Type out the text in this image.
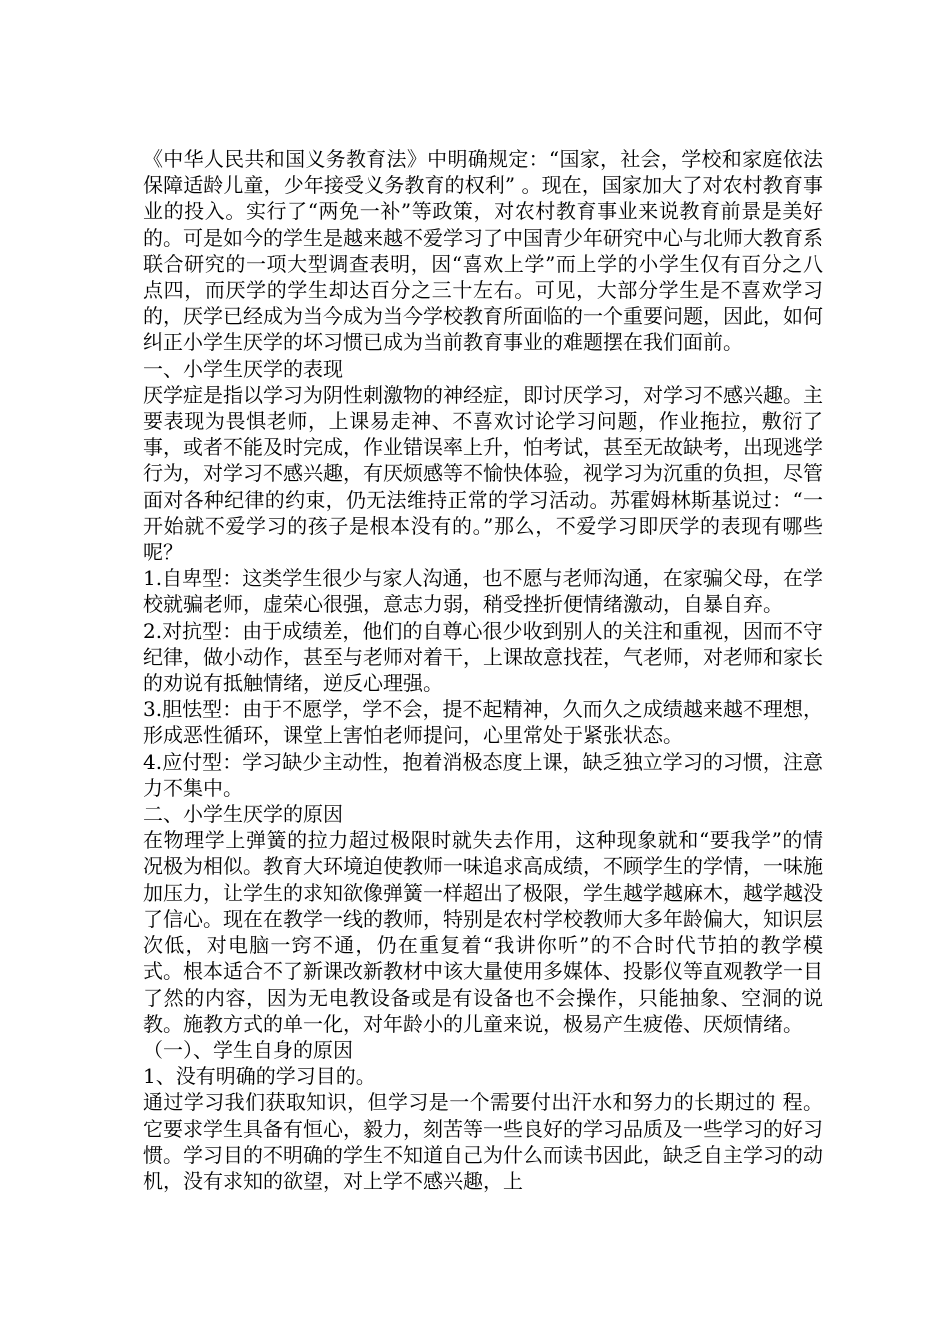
《中华人民共和国义务教育法》中明确规定：“国家，社会，学校和家庭依法保障适龄儿童，少年接受义务教育的权利” 。现在，国家加大了对农村教育事业的投入。实行了“两免一补”等政策，对农村教育事业来说教育前景是美好的。可是如今的学生是越来越不爱学习了中国青少年研究中心与北师大教育系 联合研究的一项大型调查表明，因“喜欢上学”而上学的小学生仅有百分之八点四，而厌学的学生却达百分之三十左右。可见，大部分学生是不喜欢学习的，厌学已经成为当今成为当今学校教育所面临的一个重要问题，因此，如何纠正小学生厌学的坏习惯已成为当前教育事业的难题摆在我们面前。

一、小学生厌学的表现

厌学症是指以学习为阴性刺激物的神经症，即讨厌学习，对学习不感兴趣。主要表现为畏惧老师，上课易走神、不喜欢讨论学习问题，作业拖拉，敷衍了事，或者不能及时完成，作业错误率上升，怕考试，甚至无故缺考，出现逃学行为，对学习不感兴趣，有厌烦感等不愉快体验，视学习为沉重的负担，尽管面对各种纪律的约束，仍无法维持正常的学习活动。苏霍姆林斯基说过：“一开始就不爱学习的孩子是根本没有的。”那么，不爱学习即厌学的表现有哪些呢？

1.自卑型：这类学生很少与家人沟通，也不愿与老师沟通，在家骗父母，在学校就骗老师，虚荣心很强，意志力弱，稍受挫折便情绪激动，自暴自弃。

2.对抗型：由于成绩差，他们的自尊心很少收到别人的关注和重视，因而不守纪律，做小动作，甚至与老师对着干，上课故意找茬，气老师，对老师和家长的劝说有抵触情绪，逆反心理强。

3.胆怯型：由于不愿学，学不会，提不起精神，久而久之成绩越来越不理想，形成恶性循环，课堂上害怕老师提问，心里常处于紧张状态。

4.应付型：学习缺少主动性，抱着消极态度上课，缺乏独立学习的习惯，注意力不集中。

二、小学生厌学的原因

在物理学上弹簧的拉力超过极限时就失去作用，这种现象就和“要我学”的情况极为相似。教育大环境迫使教师一味追求高成绩，不顾学生的学情，一味施加压力，让学生的求知欲像弹簧一样超出了极限，学生越学越麻木，越学越没了信心。现在在教学一线的教师，特别是农村学校教师大多年龄偏大，知识层次低，对电脑一窍不通，仍在重复着“我讲你听”的不合时代节拍的教学模式。根本适合不了新课改新教材中该大量使用多媒体、投影仪等直观教学一目了然的内容，因为无电教设备或是有设备也不会操作，只能抽象、空洞的说教。施教方式的单一化，对年龄小的儿童来说，极易产生疲倦、厌烦情绪。

（一）、学生自身的原因

1、没有明确的学习目的。

通过学习我们获取知识，但学习是一个需要付出汗水和努力的长期过的 程。它要求学生具备有恒心，毅力，刻苦等一些良好的学习品质及一些学习的好习惯。学习目的不明确的学生不知道自己为什么而读书因此，缺乏自主学习的动机，没有求知的欲望，对上学不感兴趣，上
